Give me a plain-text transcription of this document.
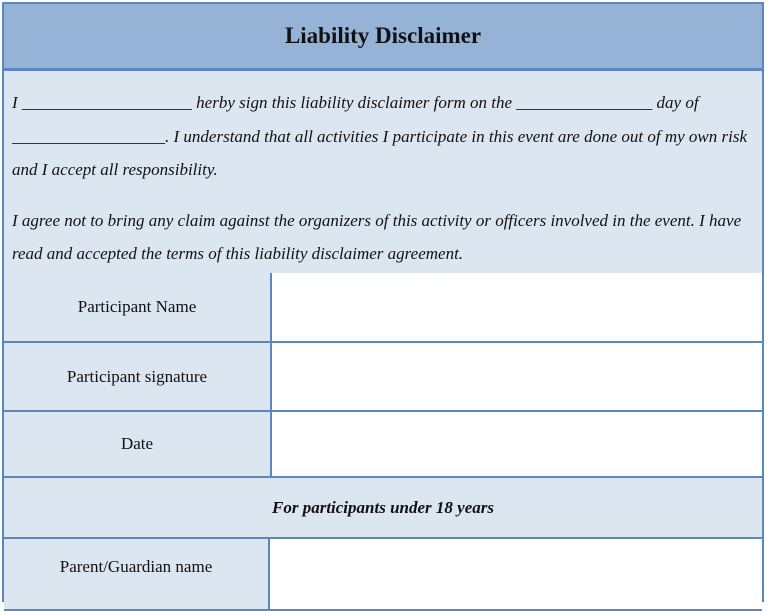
Liability Disclaimer

I ____________________ herby sign this liability disclaimer form on the ________________ day of __________________. I understand that all activities I participate in this event are done out of my own risk and I accept all responsibility.

I agree not to bring any claim against the organizers of this activity or officers involved in the event. I have read and accepted the terms of this liability disclaimer agreement.

Participant Name
Participant signature
Date
For participants under 18 years
Parent/Guardian name
